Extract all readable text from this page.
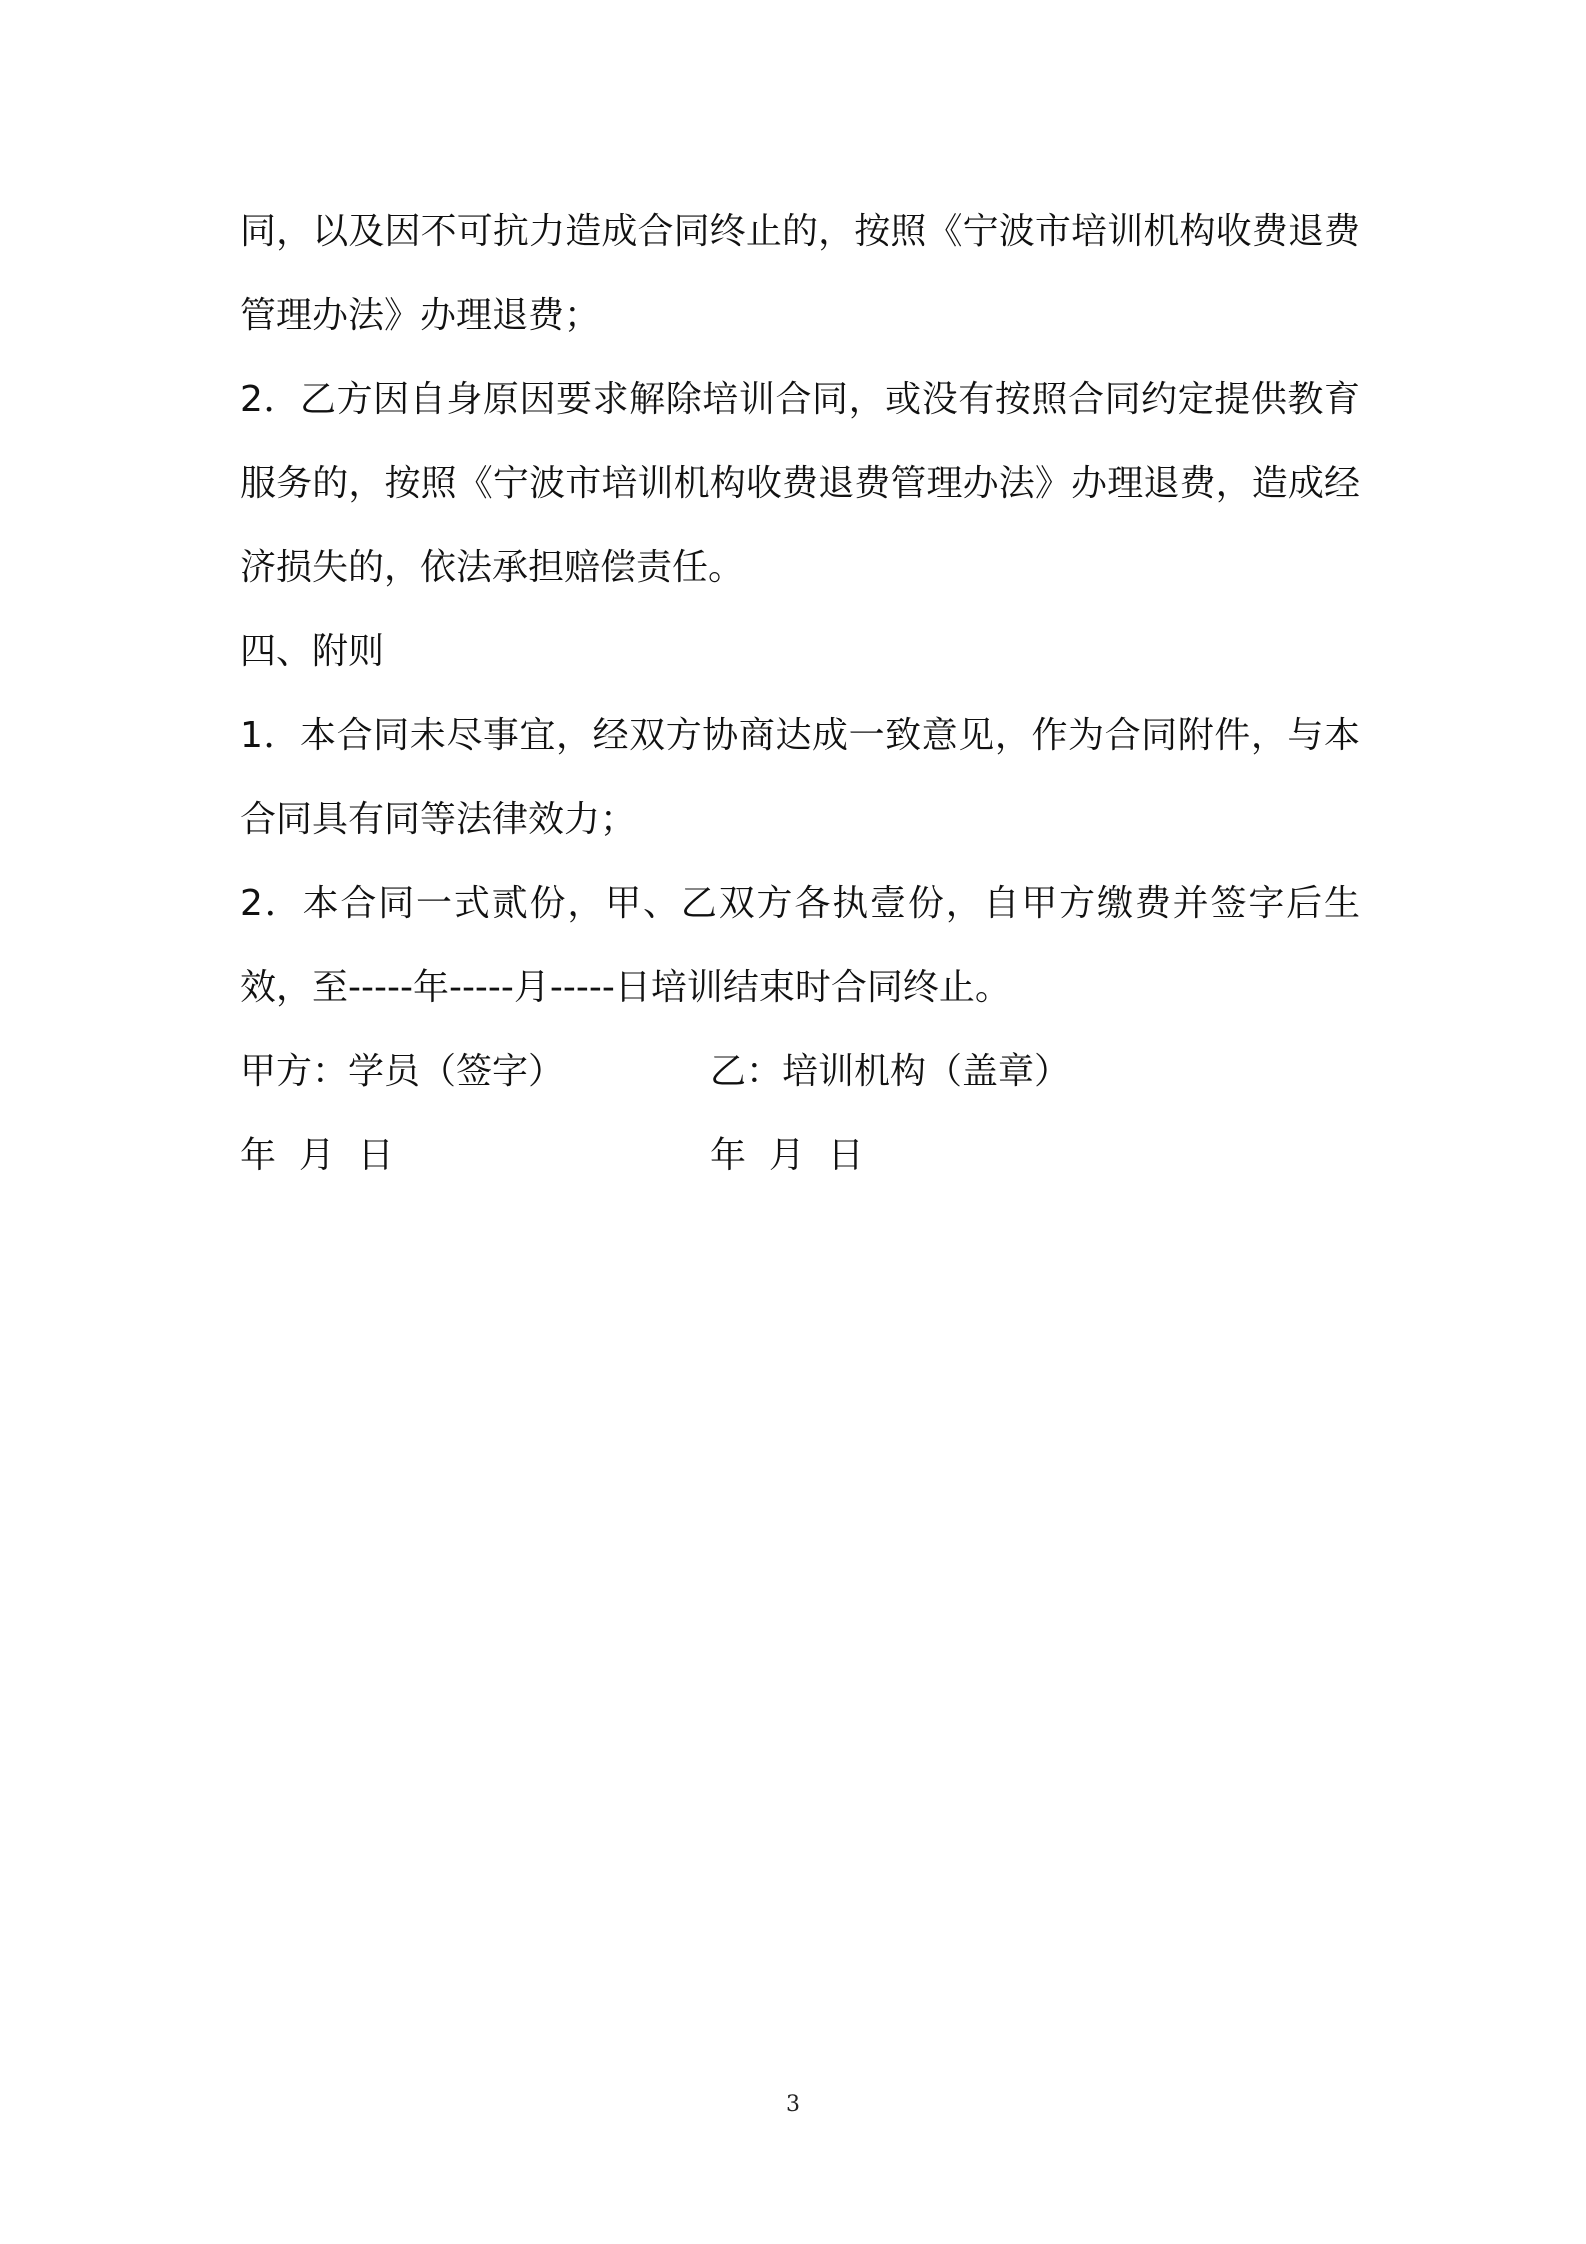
同，以及因不可抗力造成合同终止的，按照《宁波市培训机构收费退费管理办法》办理退费；

2．乙方因自身原因要求解除培训合同，或没有按照合同约定提供教育服务的，按照《宁波市培训机构收费退费管理办法》办理退费，造成经济损失的，依法承担赔偿责任。

四、附则

1．本合同未尽事宜，经双方协商达成一致意见，作为合同附件，与本合同具有同等法律效力；

2．本合同一式贰份，甲、乙双方各执壹份，自甲方缴费并签字后生效，至-----年-----月-----日培训结束时合同终止。

甲方：学员（签字）	乙：培训机构（盖章）
年  月  日	年  月  日
3
